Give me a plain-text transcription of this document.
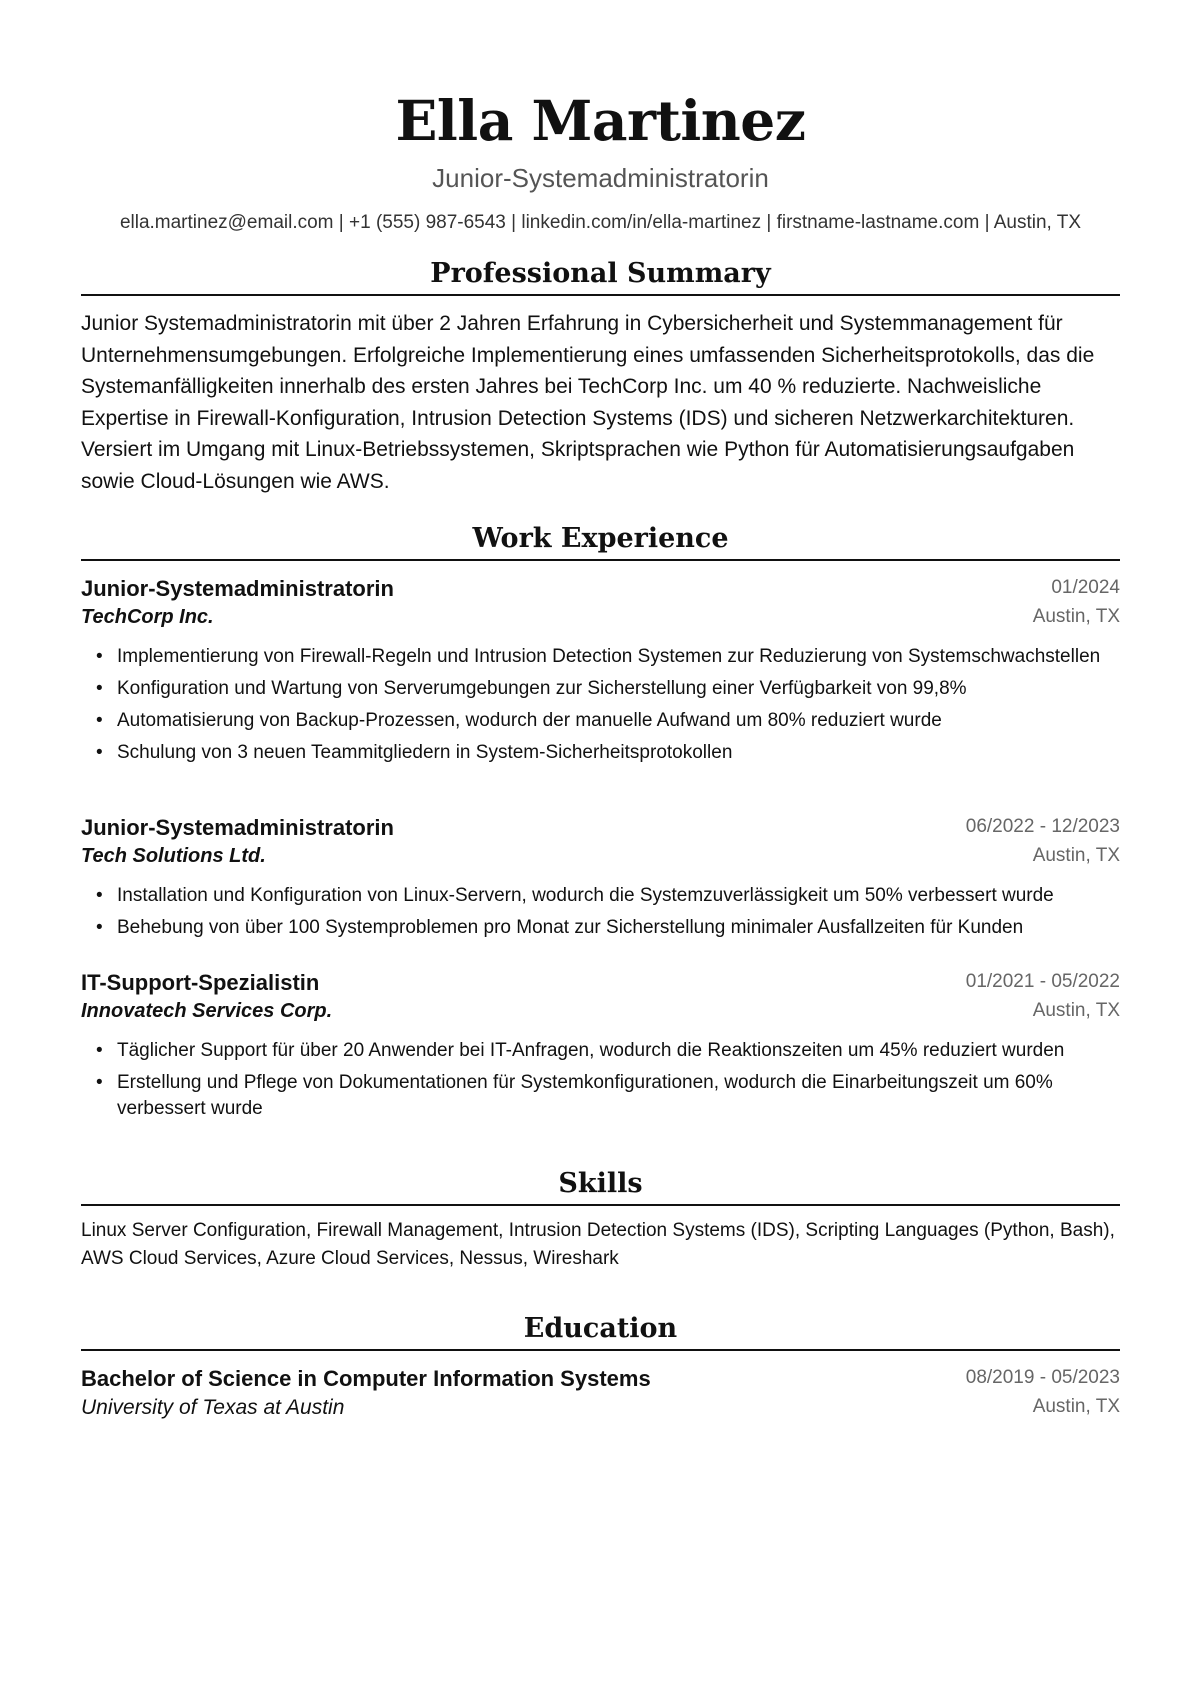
Ella Martinez
Junior-Systemadministratorin
ella.martinez@email.com | +1 (555) 987-6543 | linkedin.com/in/ella-martinez | firstname-lastname.com | Austin, TX
Professional Summary
Junior Systemadministratorin mit über 2 Jahren Erfahrung in Cybersicherheit und Systemmanagement für Unternehmensumgebungen. Erfolgreiche Implementierung eines umfassenden Sicherheitsprotokolls, das die Systemanfälligkeiten innerhalb des ersten Jahres bei TechCorp Inc. um 40 % reduzierte. Nachweisliche Expertise in Firewall-Konfiguration, Intrusion Detection Systems (IDS) und sicheren Netzwerkarchitekturen. Versiert im Umgang mit Linux-Betriebssystemen, Skriptsprachen wie Python für Automatisierungsaufgaben sowie Cloud-Lösungen wie AWS.
Work Experience
Junior-Systemadministratorin	01/2024
TechCorp Inc.	Austin, TX
• Implementierung von Firewall-Regeln und Intrusion Detection Systemen zur Reduzierung von Systemschwachstellen
• Konfiguration und Wartung von Serverumgebungen zur Sicherstellung einer Verfügbarkeit von 99,8%
• Automatisierung von Backup-Prozessen, wodurch der manuelle Aufwand um 80% reduziert wurde
• Schulung von 3 neuen Teammitgliedern in System-Sicherheitsprotokollen
Junior-Systemadministratorin	06/2022 - 12/2023
Tech Solutions Ltd.	Austin, TX
• Installation und Konfiguration von Linux-Servern, wodurch die Systemzuverlässigkeit um 50% verbessert wurde
• Behebung von über 100 Systemproblemen pro Monat zur Sicherstellung minimaler Ausfallzeiten für Kunden
IT-Support-Spezialistin	01/2021 - 05/2022
Innovatech Services Corp.	Austin, TX
• Täglicher Support für über 20 Anwender bei IT-Anfragen, wodurch die Reaktionszeiten um 45% reduziert wurden
• Erstellung und Pflege von Dokumentationen für Systemkonfigurationen, wodurch die Einarbeitungszeit um 60% verbessert wurde
Skills
Linux Server Configuration, Firewall Management, Intrusion Detection Systems (IDS), Scripting Languages (Python, Bash), AWS Cloud Services, Azure Cloud Services, Nessus, Wireshark
Education
Bachelor of Science in Computer Information Systems	08/2019 - 05/2023
University of Texas at Austin	Austin, TX
